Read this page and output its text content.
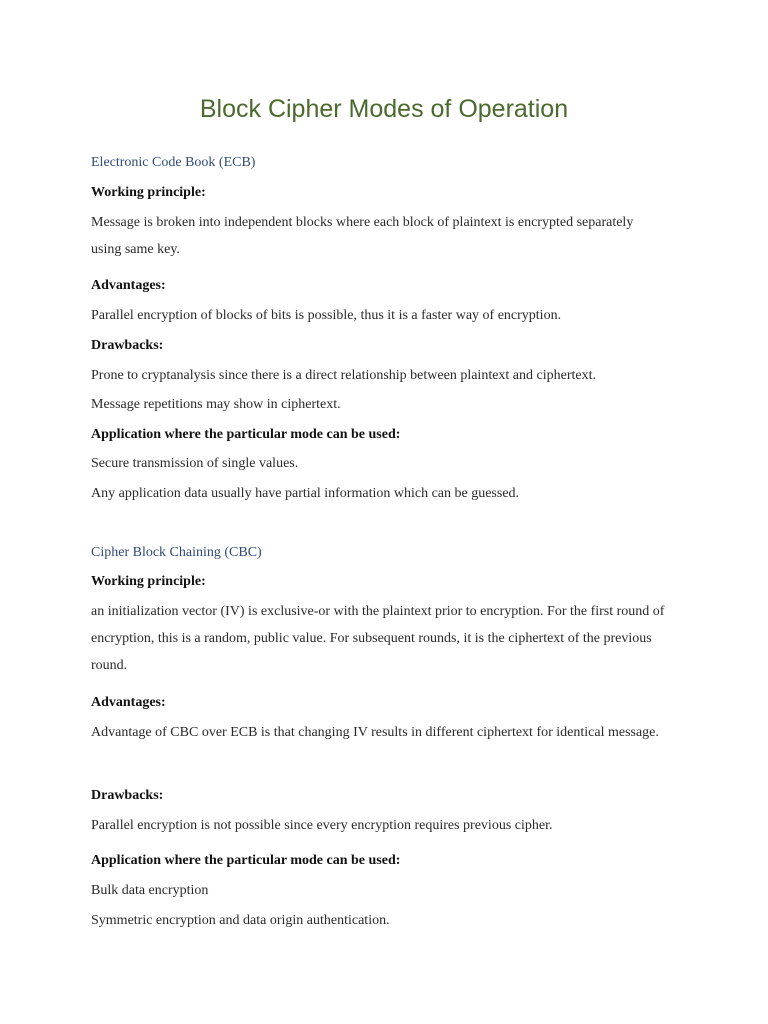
Block Cipher Modes of Operation
Electronic Code Book (ECB)
Working principle:
Message is broken into independent blocks where each block of plaintext is encrypted separately using same key.
Advantages:
Parallel encryption of blocks of bits is possible, thus it is a faster way of encryption.
Drawbacks:
Prone to cryptanalysis since there is a direct relationship between plaintext and ciphertext.
Message repetitions may show in ciphertext.
Application where the particular mode can be used:
Secure transmission of single values.
Any application data usually have partial information which can be guessed.
Cipher Block Chaining (CBC)
Working principle:
an initialization vector (IV) is exclusive-or with the plaintext prior to encryption. For the first round of encryption, this is a random, public value. For subsequent rounds, it is the ciphertext of the previous round.
Advantages:
Advantage of CBC over ECB is that changing IV results in different ciphertext for identical message.
Drawbacks:
Parallel encryption is not possible since every encryption requires previous cipher.
Application where the particular mode can be used:
Bulk data encryption
Symmetric encryption and data origin authentication.
